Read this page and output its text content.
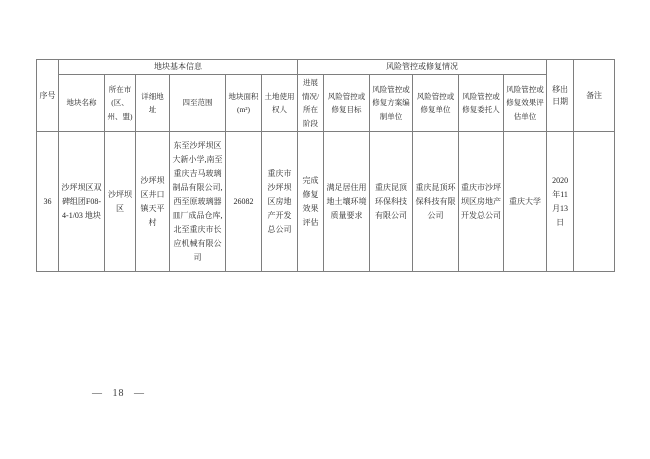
序号	地块基本信息						风险管控或修复情况						移出日期	备注
	地块名称	所在市(区、州、盟)	详细地址	四至范围	地块面积(m²)	土地使用权人	进展情况/所在阶段	风险管控或修复目标	风险管控或修复方案编制单位	风险管控或修复单位	风险管控或修复委托人	风险管控或修复效果评估单位		
36	沙坪坝区双碑组团F08-4-1/03 地块	沙坪坝区	沙坪坝区井口镇天平村	东至沙坪坝区大新小学,南至重庆吉马玻璃制品有限公司,西至原玻璃器皿厂成品仓库,北至重庆市长应机械有限公司	26082	重庆市沙坪坝区房地产开发总公司	完成修复效果评估	满足居住用地土壤环境质量要求	重庆昆顶环保科技有限公司	重庆昆顶环保科技有限公司	重庆市沙坪坝区房地产开发总公司	重庆大学	2020年11月13日	
— 18 —
